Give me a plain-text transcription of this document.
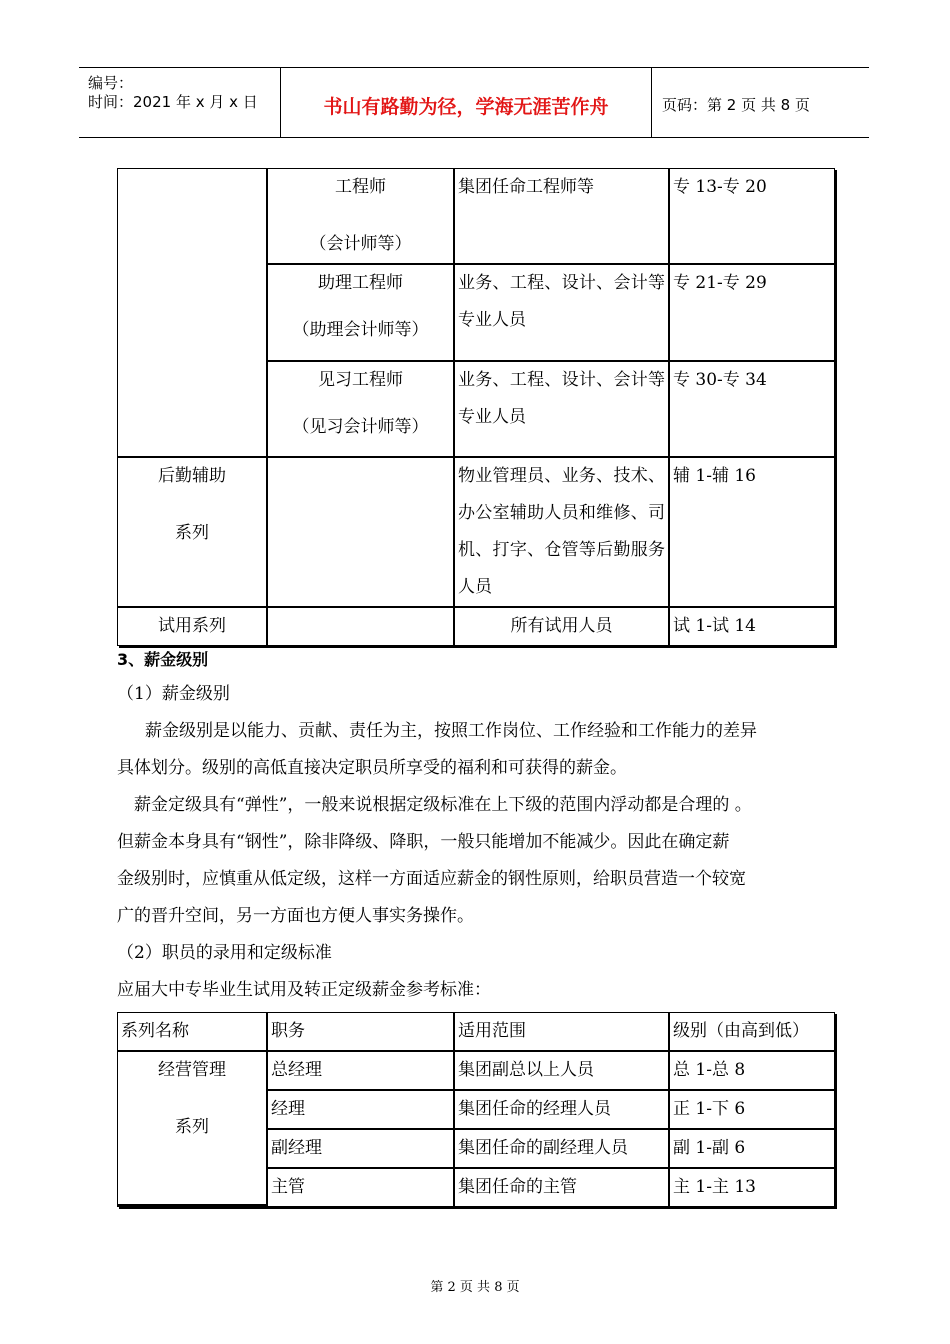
编号：
时间：2021 年 x 月 x 日	书山有路勤为径，学海无涯苦作舟	页码：第 2 页 共 8 页

	工程师
（会计师等）	集团任命工程师等	专 13-专 20

	助理工程师
（助理会计师等）	业务、工程、设计、会计等专业人员	专 21-专 29

	见习工程师
（见习会计师等）	业务、工程、设计、会计等专业人员	专 30-专 34

后勤辅助
系列		物业管理员、业务、技术、办公室辅助人员和维修、司机、打字、仓管等后勤服务人员	辅 1-辅 16
试用系列		所有试用人员	试 1-试 14
3、薪金级别
（1）薪金级别
薪金级别是以能力、贡献、责任为主，按照工作岗位、工作经验和工作能力的差异
具体划分。级别的高低直接决定职员所享受的福利和可获得的薪金。
薪金定级具有“弹性”，一般来说根据定级标准在上下级的范围内浮动都是合理的 。
但薪金本身具有“钢性”，除非降级、降职，一般只能增加不能减少。因此在确定薪
金级别时，应慎重从低定级，这样一方面适应薪金的钢性原则，给职员营造一个较宽
广的晋升空间，另一方面也方便人事实务操作。
（2）职员的录用和定级标准
应届大中专毕业生试用及转正定级薪金参考标准：
系列名称	职务	适用范围	级别（由高到低）

经营管理
系列	总经理	集团副总以上人员	总 1-总 8
	经理	集团任命的经理人员	正 1-下 6
	副经理	集团任命的副经理人员	副 1-副 6
	主管	集团任命的主管	主 1-主 13
第 2 页 共 8 页
